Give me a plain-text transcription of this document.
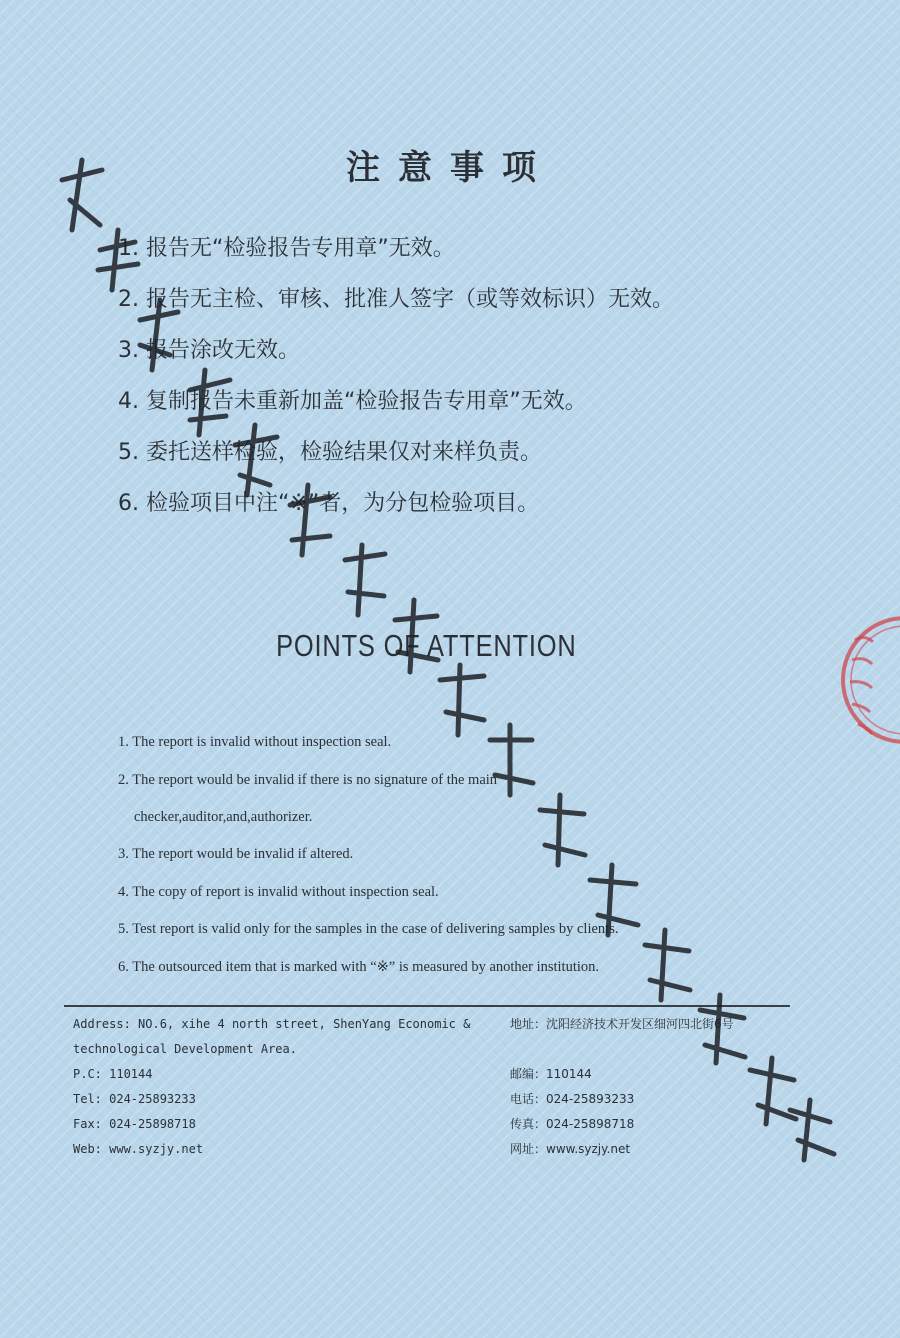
注意事项
1. 报告无“检验报告专用章”无效。
2. 报告无主检、审核、批准人签字（或等效标识）无效。
3. 报告涂改无效。
4. 复制报告未重新加盖“检验报告专用章”无效。
5. 委托送样检验，检验结果仅对来样负责。
6. 检验项目中注“※”者，为分包检验项目。
POINTS OF ATTENTION
1. The report is invalid without inspection seal.
2. The report would be invalid if there is no signature of the main
checker,auditor,and,authorizer.
3. The report would be invalid if altered.
4. The copy of report is invalid without inspection seal.
5. Test report is valid only for the samples in the case of delivering samples by clients.
6. The outsourced item that is marked with “※” is measured by another institution.
Address: NO.6, xihe 4 north street, ShenYang Economic &
technological Development Area.
P.C: 110144
Tel: 024-25893233
Fax: 024-25898718
Web: www.syzjy.net
地址：沈阳经济技术开发区细河四北街6号
邮编：110144
电话：024-25893233
传真：024-25898718
网址：www.syzjy.net
